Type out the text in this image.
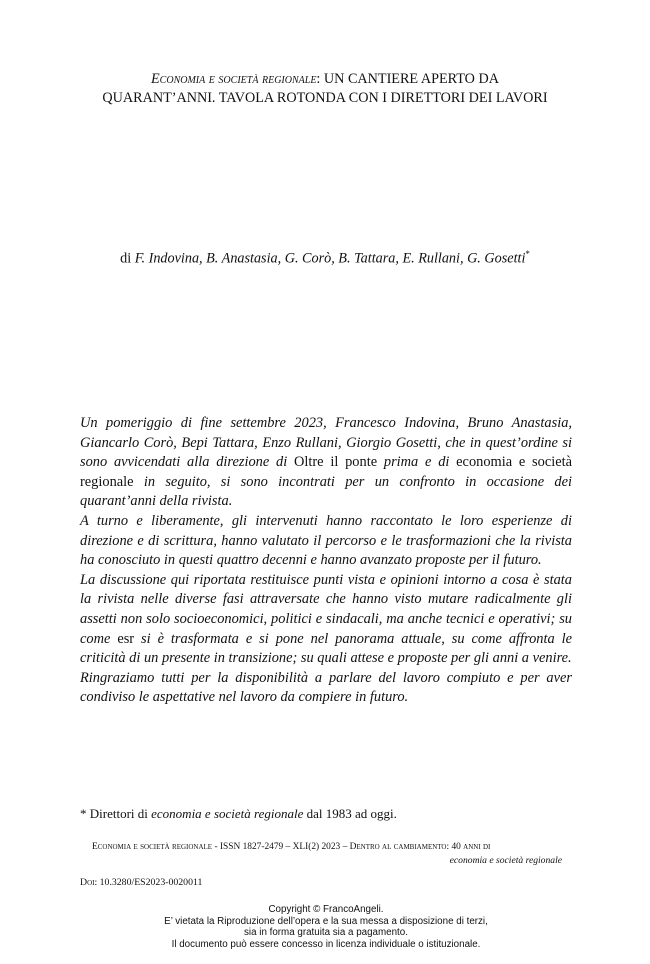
Economia e società regionale: UN CANTIERE APERTO DA
QUARANT’ANNI. TAVOLA ROTONDA CON I DIRETTORI DEI LAVORI
di F. Indovina, B. Anastasia, G. Corò, B. Tattara, E. Rullani, G. Gosetti*

Un pomeriggio di fine settembre 2023, Francesco Indovina, Bruno Anastasia, Giancarlo Corò, Bepi Tattara, Enzo Rullani, Giorgio Gosetti, che in quest’ordine si sono avvicendati alla direzione di Oltre il ponte prima e di economia e società regionale in seguito, si sono incontrati per un confronto in occasione dei quarant’anni della rivista.

A turno e liberamente, gli intervenuti hanno raccontato le loro esperienze di direzione e di scrittura, hanno valutato il percorso e le trasformazioni che la rivista ha conosciuto in questi quattro decenni e hanno avanzato proposte per il futuro.

La discussione qui riportata restituisce punti vista e opinioni intorno a cosa è stata la rivista nelle diverse fasi attraversate che hanno visto mutare radicalmente gli assetti non solo socioeconomici, politici e sindacali, ma anche tecnici e operativi; su come esr si è trasformata e si pone nel panorama attuale, su come affronta le criticità di un presente in transizione; su quali attese e proposte per gli anni a venire.

Ringraziamo tutti per la disponibilità a parlare del lavoro compiuto e per aver condiviso le aspettative nel lavoro da compiere in futuro.

* Direttori di economia e società regionale dal 1983 ad oggi.
Economia e società regionale - ISSN 1827-2479 – XLI(2) 2023 – Dentro al cambiamento: 40 anni di
economia e società regionale
Doi: 10.3280/ES2023-0020011
Copyright © FrancoAngeli.
E’ vietata la Riproduzione dell’opera e la sua messa a disposizione di terzi,
sia in forma gratuita sia a pagamento.
Il documento può essere concesso in licenza individuale o istituzionale.
